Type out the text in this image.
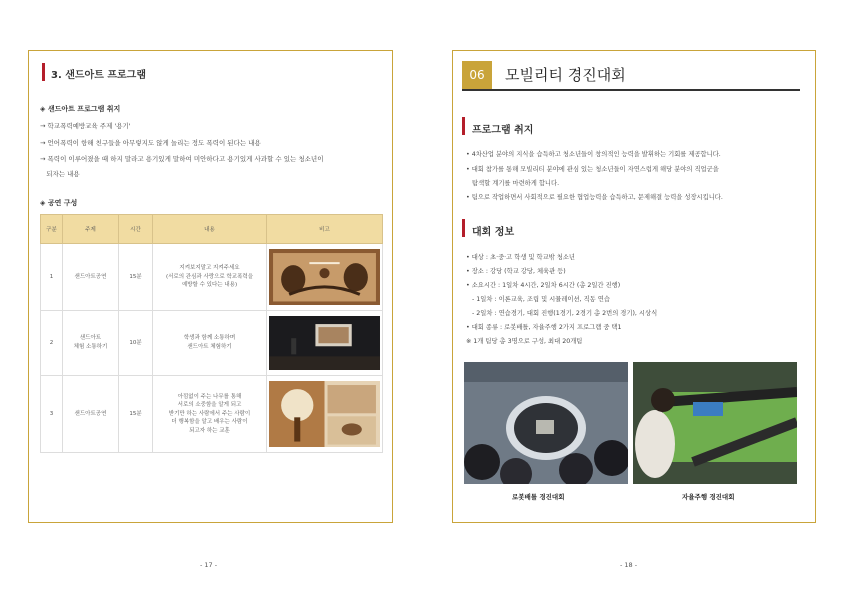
3. 샌드아트 프로그램
◈ 샌드아트 프로그램 취지
→ 학교폭력예방교육 주제 '용기'
→ 언어폭력이 항해 친구들을 아무렇지도 않게 놀리는 정도 폭력이 된다는 내용
→ 폭력이 이루어졌을 때 하지 말라고 용기있게 말하여 미안하다고 용기있게 사과할 수 있는 청소년이
되자는 내용
◈ 공연 구성
구분	주제	시간	내용	비고
1	샌드아트공연	15분	지켜보지말고 지켜주세요
(서로의 관심과 사랑으로 학교폭력을
예방할 수 있다는 내용)	

2	샌드아트
체험 소통하기	10분	학생과 함께 소통하며
샌드아트 체험하기	

3	샌드아트공연	15분	아낌없이 주는 나무를 통해
서로의 소중함을 알게 되고
받기만 하는 사람에서 주는 사람이
더 행복함을 알고 배우는 사람이
되고자 하는 교훈	
- 17 -
06	모빌리티 경진대회
프로그램 취지
• 4차산업 분야의 지식을 습득하고 청소년들이 창의적인 능력을 발휘하는 기회를 제공합니다.
• 대회 참가를 통해 모빌리티 분야에 관심 있는 청소년들이 자연스럽게 해당 분야의 직업군을
탐색할 계기를 마련하게 합니다.
• 팀으로 작업하면서 사회적으로 필요한 협업능력을 습득하고, 문제해결 능력을 성장시킵니다.
대회 정보
• 대상 : 초·중·고 학생 및 학교밖 청소년
• 장소 : 강당 (학교 강당, 체육관 등)
• 소요시간 : 1일차 4시간, 2일차 6시간 (총 2일간 진행)
- 1일차 : 이론교육, 조립 및 시뮬레이션, 직동 연습
- 2일차 : 연습경기, 대회 진행(1경기, 2경기 총 2번의 경기), 시상식
• 대회 종류 : 로봇배틀, 자율주행 2가지 프로그램 중 택1
※ 1개 팀당 총 3명으로 구성, 최대 20개팀
로봇배틀 경진대회	자율주행 경진대회
- 18 -
